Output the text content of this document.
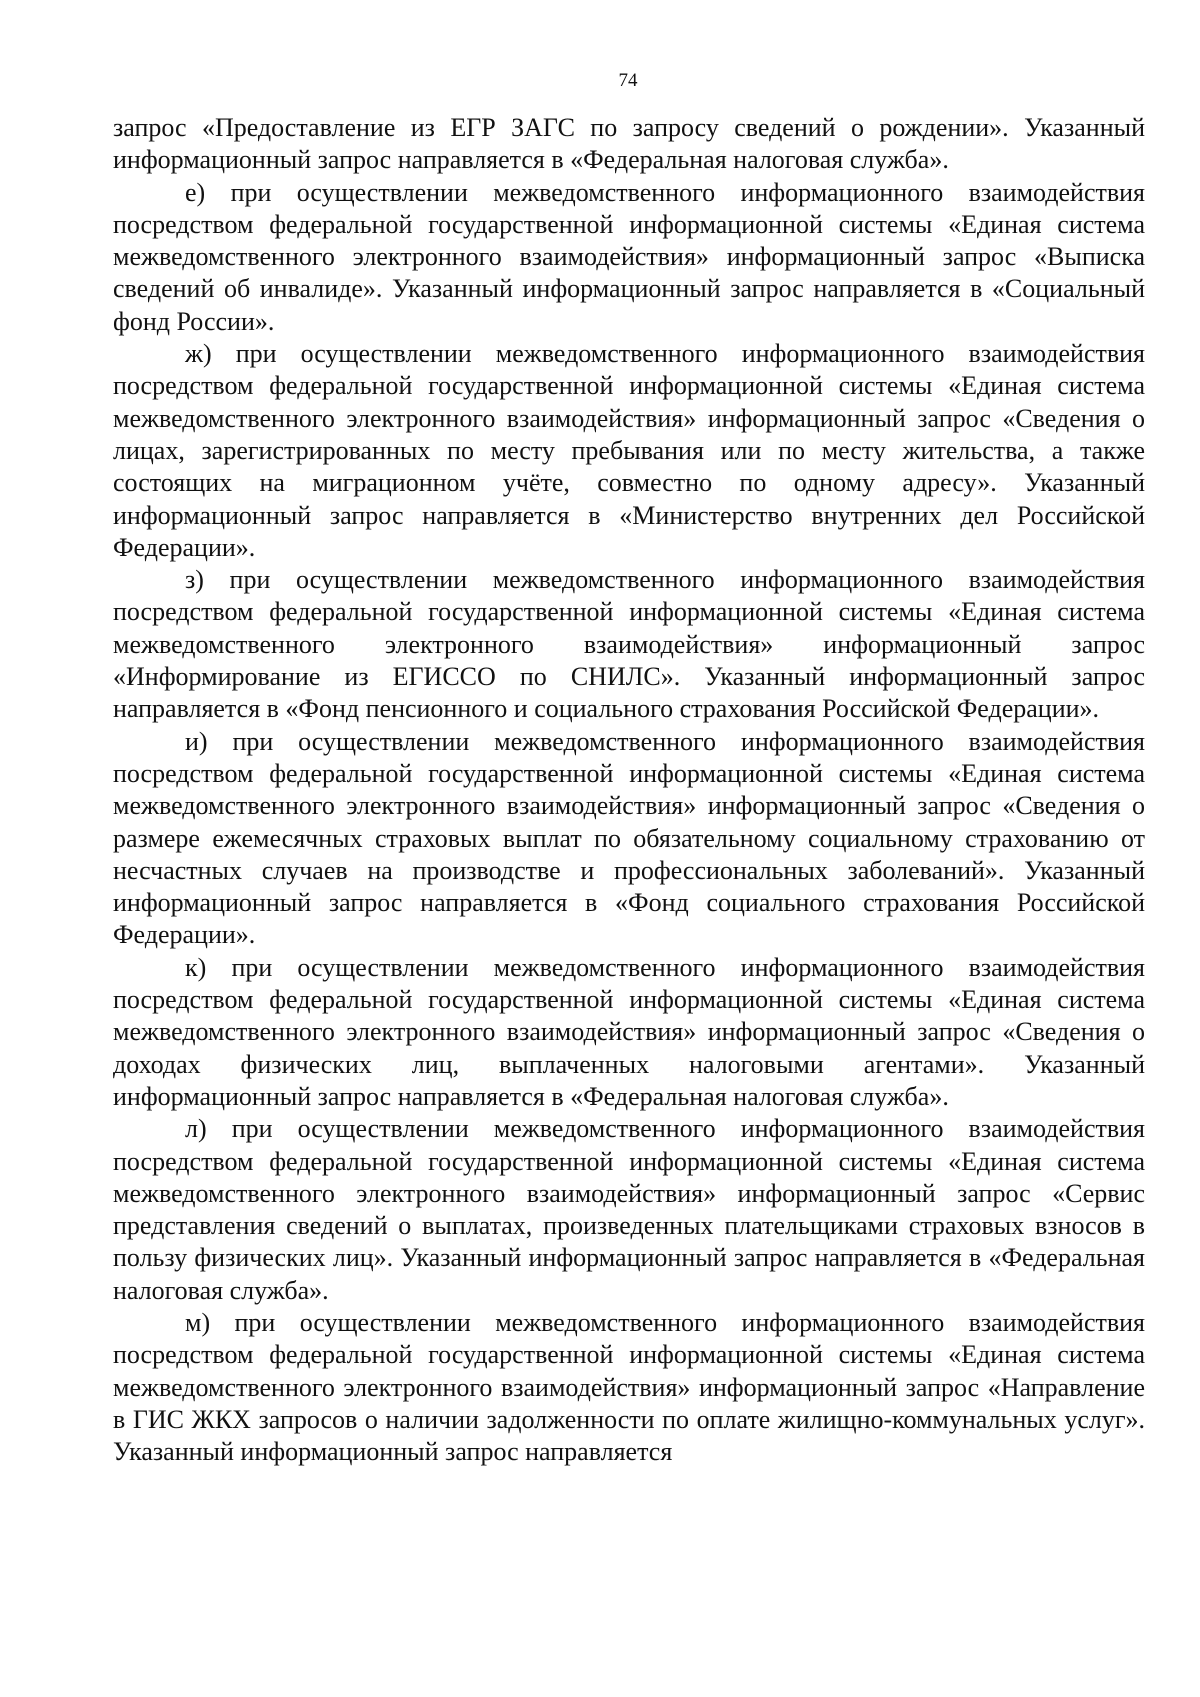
74

запрос «Предоставление из ЕГР ЗАГС по запросу сведений о рождении». Указанный информационный запрос направляется в «Федеральная налоговая служба».

е) при осуществлении межведомственного информационного взаимодействия посредством федеральной государственной информационной системы «Единая система межведомственного электронного взаимодействия» информационный запрос «Выписка сведений об инвалиде». Указанный информационный запрос направляется в «Социальный фонд России».

ж) при осуществлении межведомственного информационного взаимодействия посредством федеральной государственной информационной системы «Единая система межведомственного электронного взаимодействия» информационный запрос «Сведения о лицах, зарегистрированных по месту пребывания или по месту жительства, а также состоящих на миграционном учёте, совместно по одному адресу». Указанный информационный запрос направляется в «Министерство внутренних дел Российской Федерации».

з) при осуществлении межведомственного информационного взаимодействия посредством федеральной государственной информационной системы «Единая система межведомственного электронного взаимодействия» информационный запрос «Информирование из ЕГИССО по СНИЛС». Указанный информационный запрос направляется в «Фонд пенсионного и социального страхования Российской Федерации».

и) при осуществлении межведомственного информационного взаимодействия посредством федеральной государственной информационной системы «Единая система межведомственного электронного взаимодействия» информационный запрос «Сведения о размере ежемесячных страховых выплат по обязательному социальному страхованию от несчастных случаев на производстве и профессиональных заболеваний». Указанный информационный запрос направляется в «Фонд социального страхования Российской Федерации».

к) при осуществлении межведомственного информационного взаимодействия посредством федеральной государственной информационной системы «Единая система межведомственного электронного взаимодействия» информационный запрос «Сведения о доходах физических лиц, выплаченных налоговыми агентами». Указанный информационный запрос направляется в «Федеральная налоговая служба».

л) при осуществлении межведомственного информационного взаимодействия посредством федеральной государственной информационной системы «Единая система межведомственного электронного взаимодействия» информационный запрос «Сервис представления сведений о выплатах, произведенных плательщиками страховых взносов в пользу физических лиц». Указанный информационный запрос направляется в «Федеральная налоговая служба».

м) при осуществлении межведомственного информационного взаимодействия посредством федеральной государственной информационной системы «Единая система межведомственного электронного взаимодействия» информационный запрос «Направление в ГИС ЖКХ запросов о наличии задолженности по оплате жилищно-коммунальных услуг». Указанный информационный запрос направляется
